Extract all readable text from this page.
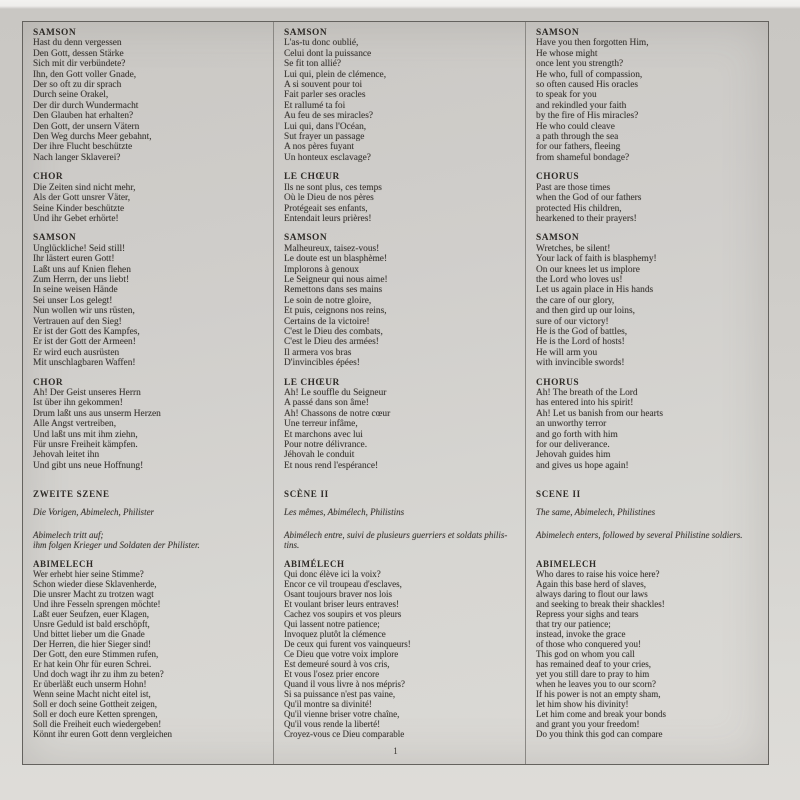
SAMSON
Hast du denn vergessen
Den Gott, dessen Stärke
Sich mit dir verbündete?
Ihn, den Gott voller Gnade,
Der so oft zu dir sprach
Durch seine Orakel,
Der dir durch Wundermacht
Den Glauben hat erhalten?
Den Gott, der unsern Vätern
Den Weg durchs Meer gebahnt,
Der ihre Flucht beschützte
Nach langer Sklaverei?
CHOR
Die Zeiten sind nicht mehr,
Als der Gott unsrer Väter,
Seine Kinder beschützte
Und ihr Gebet erhörte!
SAMSON
Unglückliche! Seid still!
Ihr lästert euren Gott!
Laßt uns auf Knien flehen
Zum Herrn, der uns liebt!
In seine weisen Hände
Sei unser Los gelegt!
Nun wollen wir uns rüsten,
Vertrauen auf den Sieg!
Er ist der Gott des Kampfes,
Er ist der Gott der Armeen!
Er wird euch ausrüsten
Mit unschlagbaren Waffen!
CHOR
Ah! Der Geist unseres Herrn
Ist über ihn gekommen!
Drum laßt uns aus unserm Herzen
Alle Angst vertreiben,
Und laßt uns mit ihm ziehn,
Für unsre Freiheit kämpfen.
Jehovah leitet ihn
Und gibt uns neue Hoffnung!
ZWEITE SZENE
Die Vorigen, Abimelech, Philister
Abimelech tritt auf;
ihm folgen Krieger und Soldaten der Philister.
ABIMELECH
Wer erhebt hier seine Stimme?
Schon wieder diese Sklavenherde,
Die unsrer Macht zu trotzen wagt
Und ihre Fesseln sprengen möchte!
Laßt euer Seufzen, euer Klagen,
Unsre Geduld ist bald erschöpft,
Und bittet lieber um die Gnade
Der Herren, die hier Sieger sind!
Der Gott, den eure Stimmen rufen,
Er hat kein Ohr für euren Schrei.
Und doch wagt ihr zu ihm zu beten?
Er überläßt euch unserm Hohn!
Wenn seine Macht nicht eitel ist,
Soll er doch seine Gottheit zeigen,
Soll er doch eure Ketten sprengen,
Soll die Freiheit euch wiedergeben!
Könnt ihr euren Gott denn vergleichen
SAMSON
L'as-tu donc oublié,
Celui dont la puissance
Se fit ton allié?
Lui qui, plein de clémence,
A si souvent pour toi
Fait parler ses oracles
Et rallumé ta foi
Au feu de ses miracles?
Lui qui, dans l'Océan,
Sut frayer un passage
A nos pères fuyant
Un honteux esclavage?
LE CHŒUR
Ils ne sont plus, ces temps
Où le Dieu de nos pères
Protégeait ses enfants,
Entendait leurs prières!
SAMSON
Malheureux, taisez-vous!
Le doute est un blasphème!
Implorons à genoux
Le Seigneur qui nous aime!
Remettons dans ses mains
Le soin de notre gloire,
Et puis, ceignons nos reins,
Certains de la victoire!
C'est le Dieu des combats,
C'est le Dieu des armées!
Il armera vos bras
D'invincibles épées!
LE CHŒUR
Ah! Le souffle du Seigneur
A passé dans son âme!
Ah! Chassons de notre cœur
Une terreur infâme,
Et marchons avec lui
Pour notre délivrance.
Jéhovah le conduit
Et nous rend l'espérance!
SCÈNE II
Les mêmes, Abimélech, Philistins
Abimélech entre, suivi de plusieurs guerriers et soldats philis-
tins.
ABIMÉLECH
Qui donc élève ici la voix?
Encor ce vil troupeau d'esclaves,
Osant toujours braver nos lois
Et voulant briser leurs entraves!
Cachez vos soupirs et vos pleurs
Qui lassent notre patience;
Invoquez plutôt la clémence
De ceux qui furent vos vainqueurs!
Ce Dieu que votre voix implore
Est demeuré sourd à vos cris,
Et vous l'osez prier encore
Quand il vous livre à nos mépris?
Si sa puissance n'est pas vaine,
Qu'il montre sa divinité!
Qu'il vienne briser votre chaîne,
Qu'il vous rende la liberté!
Croyez-vous ce Dieu comparable
SAMSON
Have you then forgotten Him,
He whose might
once lent you strength?
He who, full of compassion,
so often caused His oracles
to speak for you
and rekindled your faith
by the fire of His miracles?
He who could cleave
a path through the sea
for our fathers, fleeing
from shameful bondage?
CHORUS
Past are those times
when the God of our fathers
protected His children,
hearkened to their prayers!
SAMSON
Wretches, be silent!
Your lack of faith is blasphemy!
On our knees let us implore
the Lord who loves us!
Let us again place in His hands
the care of our glory,
and then gird up our loins,
sure of our victory!
He is the God of battles,
He is the Lord of hosts!
He will arm you
with invincible swords!
CHORUS
Ah! The breath of the Lord
has entered into his spirit!
Ah! Let us banish from our hearts
an unworthy terror
and go forth with him
for our deliverance.
Jehovah guides him
and gives us hope again!
SCENE II
The same, Abimelech, Philistines
Abimelech enters, followed by several Philistine soldiers.
ABIMELECH
Who dares to raise his voice here?
Again this base herd of slaves,
always daring to flout our laws
and seeking to break their shackles!
Repress your sighs and tears
that try our patience;
instead, invoke the grace
of those who conquered you!
This god on whom you call
has remained deaf to your cries,
yet you still dare to pray to him
when he leaves you to our scorn?
If his power is not an empty sham,
let him show his divinity!
Let him come and break your bonds
and grant you your freedom!
Do you think this god can compare
1
